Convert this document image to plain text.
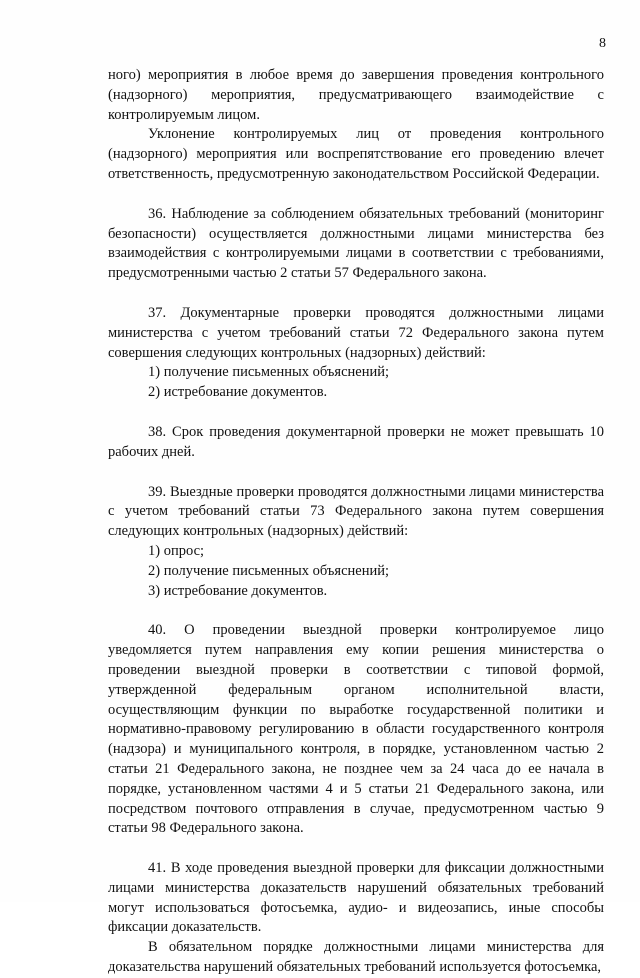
8

ного) мероприятия в любое время до завершения проведения контрольного (надзорного) мероприятия, предусматривающего взаимодействие с контролируемым лицом.

Уклонение контролируемых лиц от проведения контрольного (надзорного) мероприятия или воспрепятствование его проведению влечет ответственность, предусмотренную законодательством Российской Федерации.

36. Наблюдение за соблюдением обязательных требований (мониторинг безопасности) осуществляется должностными лицами министерства без взаимодействия с контролируемыми лицами в соответствии с требованиями, предусмотренными частью 2 статьи 57 Федерального закона.

37. Документарные проверки проводятся должностными лицами министерства с учетом требований статьи 72 Федерального закона путем совершения следующих контрольных (надзорных) действий:

1) получение письменных объяснений;

2) истребование документов.

38. Срок проведения документарной проверки не может превышать 10 рабочих дней.

39. Выездные проверки проводятся должностными лицами министерства с учетом требований статьи 73 Федерального закона путем совершения следующих контрольных (надзорных) действий:

1) опрос;

2) получение письменных объяснений;

3) истребование документов.

40. О проведении выездной проверки контролируемое лицо уведомляется путем направления ему копии решения министерства о проведении выездной проверки в соответствии с типовой формой, утвержденной федеральным органом исполнительной власти, осуществляющим функции по выработке государственной политики и нормативно-правовому регулированию в области государственного контроля (надзора) и муниципального контроля, в порядке, установленном частью 2 статьи 21 Федерального закона, не позднее чем за 24 часа до ее начала в порядке, установленном частями 4 и 5 статьи 21 Федерального закона, или посредством почтового отправления в случае, предусмотренном частью 9 статьи 98 Федерального закона.

41. В ходе проведения выездной проверки для фиксации должностными лицами министерства доказательств нарушений обязательных требований могут использоваться фотосъемка, аудио- и видеозапись, иные способы фиксации доказательств.

В обязательном порядке должностными лицами министерства для доказательства нарушений обязательных требований используется фотосъемка,
